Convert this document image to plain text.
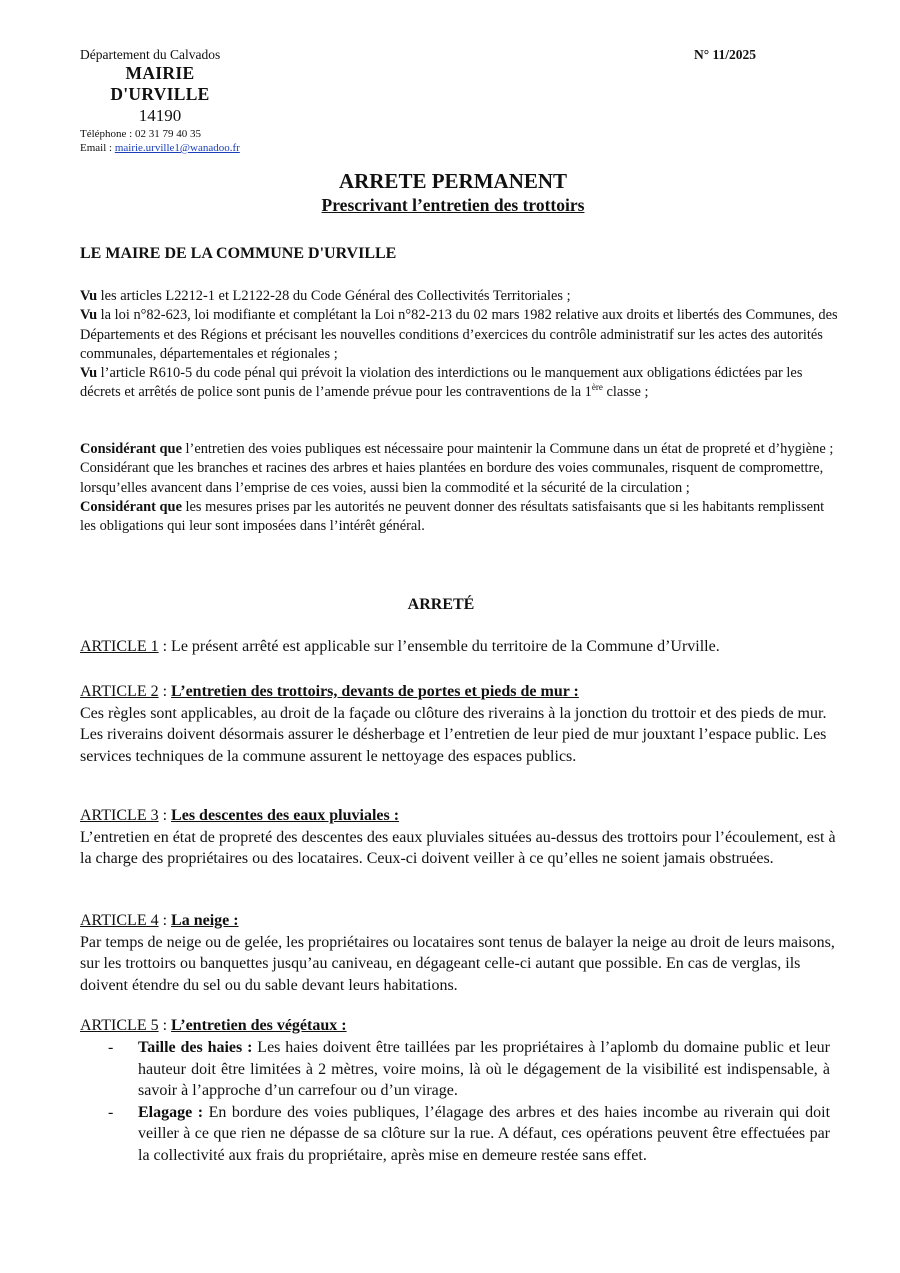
Département du Calvados
MAIRIE
D'URVILLE
14190
Téléphone : 02 31 79 40 35
Email : mairie.urville1@wanadoo.fr
N° 11/2025
ARRETE PERMANENT
Prescrivant l’entretien des trottoirs
LE MAIRE DE LA COMMUNE D'URVILLE

Vu les articles L2212-1 et L2122-28 du Code Général des Collectivités Territoriales ;

Vu la loi n°82-623, loi modifiante et complétant la Loi n°82-213 du 02 mars 1982 relative aux droits et libertés des Communes, des Départements et des Régions et précisant les nouvelles conditions d’exercices du contrôle administratif sur les actes des autorités communales, départementales et régionales ;

Vu l’article R610-5 du code pénal qui prévoit la violation des interdictions ou le manquement aux obligations édictées par les décrets et arrêtés de police sont punis de l’amende prévue pour les contraventions de la 1ère classe ;

Considérant que l’entretien des voies publiques est nécessaire pour maintenir la Commune dans un état de propreté et d’hygiène ;

Considérant que les branches et racines des arbres et haies plantées en bordure des voies communales, risquent de compromettre, lorsqu’elles avancent dans l’emprise de ces voies, aussi bien la commodité et la sécurité de la circulation ;

Considérant que les mesures prises par les autorités ne peuvent donner des résultats satisfaisants que si les habitants remplissent les obligations qui leur sont imposées dans l’intérêt général.

ARRETÉ

ARTICLE 1 : Le présent arrêté est applicable sur l’ensemble du territoire de la Commune d’Urville.

ARTICLE 2 : L’entretien des trottoirs, devants de portes et pieds de mur :

Ces règles sont applicables, au droit de la façade ou clôture des riverains à la jonction du trottoir et des pieds de mur. Les riverains doivent désormais assurer le désherbage et l’entretien de leur pied de mur jouxtant l’espace public. Les services techniques de la commune assurent le nettoyage des espaces publics.

ARTICLE 3 : Les descentes des eaux pluviales :

L’entretien en état de propreté des descentes des eaux pluviales situées au-dessus des trottoirs pour l’écoulement, est à la charge des propriétaires ou des locataires. Ceux-ci doivent veiller à ce qu’elles ne soient jamais obstruées.

ARTICLE 4 : La neige :

Par temps de neige ou de gelée, les propriétaires ou locataires sont tenus de balayer la neige au droit de leurs maisons, sur les trottoirs ou banquettes jusqu’au caniveau, en dégageant celle-ci autant que possible. En cas de verglas, ils doivent étendre du sel ou du sable devant leurs habitations.

ARTICLE 5 : L’entretien des végétaux :

-	Taille des haies : Les haies doivent être taillées par les propriétaires à l’aplomb du domaine public et leur hauteur doit être limitées à 2 mètres, voire moins, là où le dégagement de la visibilité est indispensable, à savoir à l’approche d’un carrefour ou d’un virage.
-	Elagage : En bordure des voies publiques, l’élagage des arbres et des haies incombe au riverain qui doit veiller à ce que rien ne dépasse de sa clôture sur la rue. A défaut, ces opérations peuvent être effectuées par la collectivité aux frais du propriétaire, après mise en demeure restée sans effet.
